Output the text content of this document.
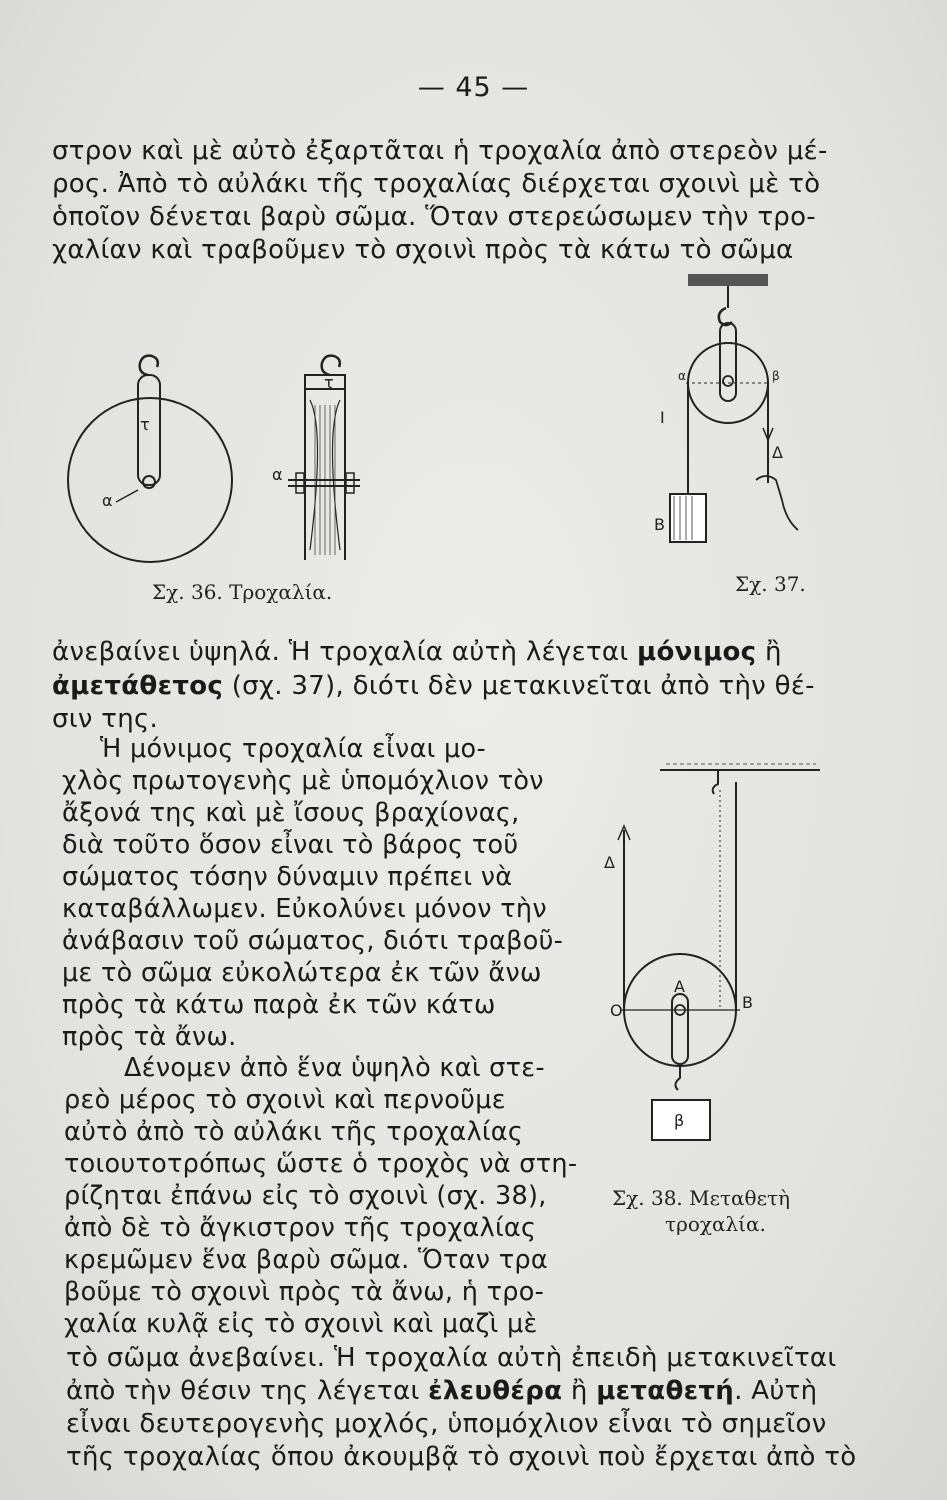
— 45 —
στρον καὶ μὲ αὐτὸ ἐξαρτᾶται ἡ τροχαλία ἀπὸ στερεὸν μέ-
ρος. Ἀπὸ τὸ αὐλάκι τῆς τροχαλίας διέρχεται σχοινὶ μὲ τὸ
ὁποῖον δένεται βαρὺ σῶμα. Ὅταν στερεώσωμεν τὴν τρο-
χαλίαν καὶ τραβοῦμεν τὸ σχοινὶ πρὸς τὰ κάτω τὸ σῶμα
τ
α
τ
α
Σχ. 36. Τροχαλία.
I
Δ
B
α	β
Σχ. 37.
ἀνεβαίνει ὑψηλά. Ἡ τροχαλία αὐτὴ λέγεται μόνιμος ἢ
ἀμετάθετος (σχ. 37), διότι δὲν μετακινεῖται ἀπὸ τὴν θέ-
σιν της.
Ἡ μόνιμος τροχαλία εἶναι μο-
χλὸς πρωτογενὴς μὲ ὑπομόχλιον τὸν
ἄξονά της καὶ μὲ ἴσους βραχίονας,
διὰ τοῦτο ὅσον εἶναι τὸ βάρος τοῦ
σώματος τόσην δύναμιν πρέπει νὰ
καταβάλλωμεν. Εὐκολύνει μόνον τὴν
ἀνάβασιν τοῦ σώματος, διότι τραβοῦ-
με τὸ σῶμα εὐκολώτερα ἐκ τῶν ἄνω
πρὸς τὰ κάτω παρὰ ἐκ τῶν κάτω
πρὸς τὰ ἄνω.
Δένομεν ἀπὸ ἕνα ὑψηλὸ καὶ στε-
ρεὸ μέρος τὸ σχοινὶ καὶ περνοῦμε
αὐτὸ ἀπὸ τὸ αὐλάκι τῆς τροχαλίας
τοιουτοτρόπως ὥστε ὁ τροχὸς νὰ στη-
ρίζηται ἐπάνω εἰς τὸ σχοινὶ (σχ. 38),
ἀπὸ δὲ τὸ ἄγκιστρον τῆς τροχαλίας
κρεμῶμεν ἕνα βαρὺ σῶμα. Ὅταν τρα
βοῦμε τὸ σχοινὶ πρὸς τὰ ἄνω, ἡ τρο-
χαλία κυλᾷ εἰς τὸ σχοινὶ καὶ μαζὶ μὲ
Δ
A
O	B
β
Σχ. 38. Μεταθετὴ
τροχαλία.
τὸ σῶμα ἀνεβαίνει. Ἡ τροχαλία αὐτὴ ἐπειδὴ μετακινεῖται
ἀπὸ τὴν θέσιν της λέγεται ἐλευθέρα ἢ μεταθετή. Αὐτὴ
εἶναι δευτερογενὴς μοχλός, ὑπομόχλιον εἶναι τὸ σημεῖον
τῆς τροχαλίας ὅπου ἀκουμβᾷ τὸ σχοινὶ ποὺ ἔρχεται ἀπὸ τὸ
